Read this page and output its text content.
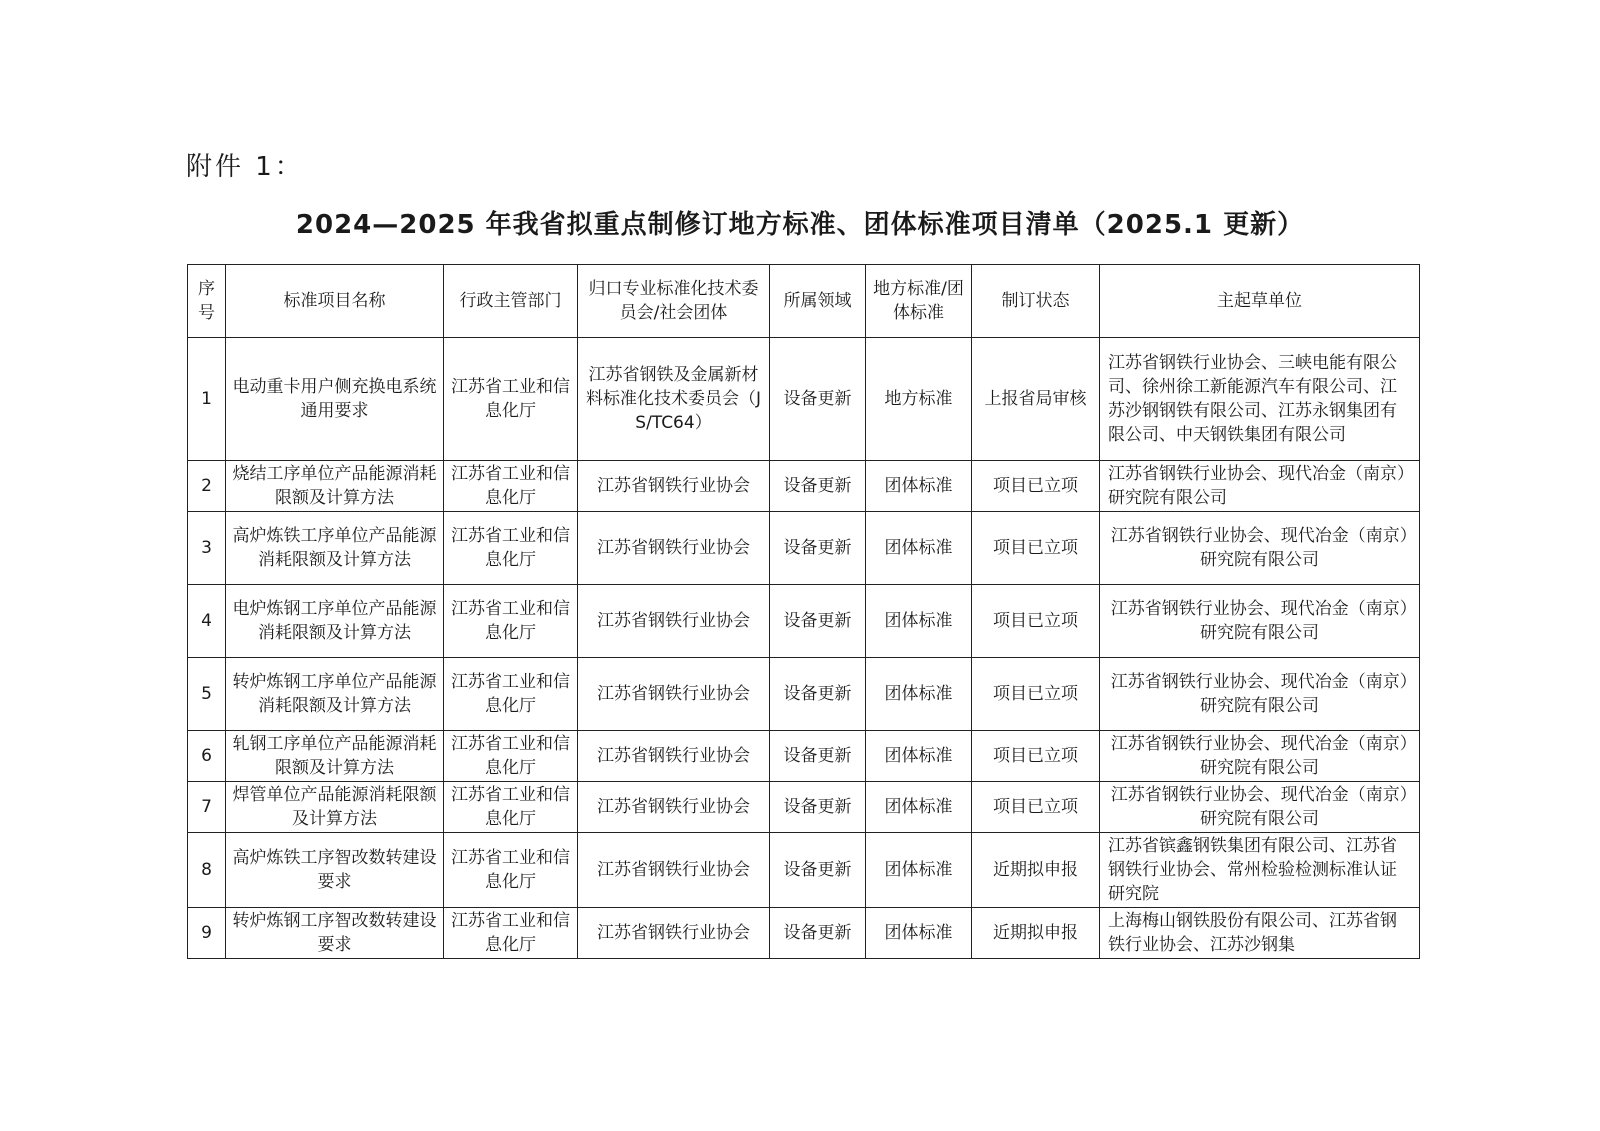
附件 1：
2024—2025 年我省拟重点制修订地方标准、团体标准项目清单（2025.1 更新）
序号	标准项目名称	行政主管部门	归口专业标准化技术委员会/社会团体	所属领域	地方标准/团体标准	制订状态	主起草单位
1	电动重卡用户侧充换电系统通用要求	江苏省工业和信息化厅	江苏省钢铁及金属新材料标准化技术委员会（JS/TC64）	设备更新	地方标准	上报省局审核	江苏省钢铁行业协会、三峡电能有限公司、徐州徐工新能源汽车有限公司、江苏沙钢钢铁有限公司、江苏永钢集团有限公司、中天钢铁集团有限公司
2	烧结工序单位产品能源消耗限额及计算方法	江苏省工业和信息化厅	江苏省钢铁行业协会	设备更新	团体标准	项目已立项	江苏省钢铁行业协会、现代冶金（南京）研究院有限公司
3	高炉炼铁工序单位产品能源消耗限额及计算方法	江苏省工业和信息化厅	江苏省钢铁行业协会	设备更新	团体标准	项目已立项	江苏省钢铁行业协会、现代冶金（南京）研究院有限公司
4	电炉炼钢工序单位产品能源消耗限额及计算方法	江苏省工业和信息化厅	江苏省钢铁行业协会	设备更新	团体标准	项目已立项	江苏省钢铁行业协会、现代冶金（南京）研究院有限公司
5	转炉炼钢工序单位产品能源消耗限额及计算方法	江苏省工业和信息化厅	江苏省钢铁行业协会	设备更新	团体标准	项目已立项	江苏省钢铁行业协会、现代冶金（南京）研究院有限公司
6	轧钢工序单位产品能源消耗限额及计算方法	江苏省工业和信息化厅	江苏省钢铁行业协会	设备更新	团体标准	项目已立项	江苏省钢铁行业协会、现代冶金（南京）研究院有限公司
7	焊管单位产品能源消耗限额及计算方法	江苏省工业和信息化厅	江苏省钢铁行业协会	设备更新	团体标准	项目已立项	江苏省钢铁行业协会、现代冶金（南京）研究院有限公司
8	高炉炼铁工序智改数转建设要求	江苏省工业和信息化厅	江苏省钢铁行业协会	设备更新	团体标准	近期拟申报	江苏省镔鑫钢铁集团有限公司、江苏省钢铁行业协会、常州检验检测标准认证研究院
9	转炉炼钢工序智改数转建设要求	江苏省工业和信息化厅	江苏省钢铁行业协会	设备更新	团体标准	近期拟申报	上海梅山钢铁股份有限公司、江苏省钢铁行业协会、江苏沙钢集
